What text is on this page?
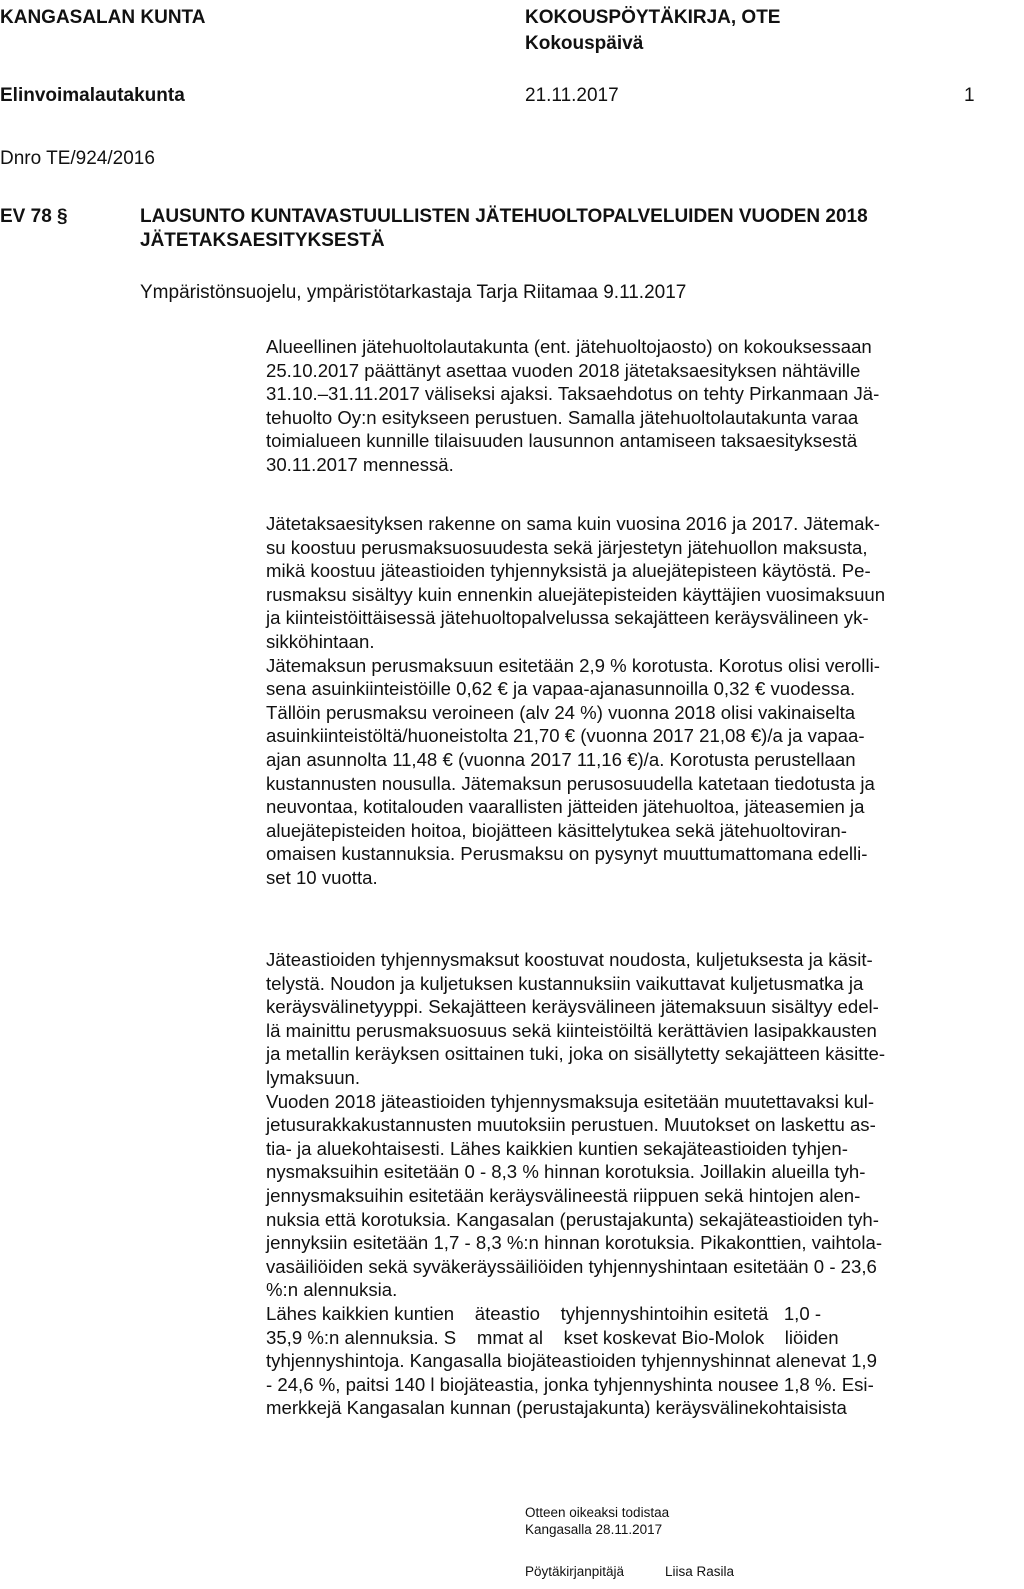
KANGASALAN KUNTA	KOKOUSPÖYTÄKIRJA, OTE
Kokouspäivä
Elinvoimalautakunta	21.11.2017	1
Dnro TE/924/2016
EV 78 §	LAUSUNTO KUNTAVASTUULLISTEN JÄTEHUOLTOPALVELUIDEN VUODEN 2018
JÄTETAKSAESITYKSESTÄ
Ympäristönsuojelu, ympäristötarkastaja Tarja Riitamaa 9.11.2017
Alueellinen jätehuoltolautakunta (ent. jätehuoltojaosto) on kokouksessaan
25.10.2017 päättänyt asettaa vuoden 2018 jätetaksaesityksen nähtäville
31.10.–31.11.2017 väliseksi ajaksi. Taksaehdotus on tehty Pirkanmaan Jä-
tehuolto Oy:n esitykseen perustuen. Samalla jätehuoltolautakunta varaa
toimialueen kunnille tilaisuuden lausunnon antamiseen taksaesityksestä
30.11.2017 mennessä.
Jätetaksaesityksen rakenne on sama kuin vuosina 2016 ja 2017. Jätemak-
su koostuu perusmaksuosuudesta sekä järjestetyn jätehuollon maksusta,
mikä koostuu jäteastioiden tyhjennyksistä ja aluejätepisteen käytöstä. Pe-
rusmaksu sisältyy kuin ennenkin aluejätepisteiden käyttäjien vuosimaksuun
ja kiinteistöittäisessä jätehuoltopalvelussa sekajätteen keräysvälineen yk-
sikköhintaan.
Jätemaksun perusmaksuun esitetään 2,9 % korotusta. Korotus olisi verolli-
sena asuinkiinteistöille 0,62 € ja vapaa-ajanasunnoilla 0,32 € vuodessa.
Tällöin perusmaksu veroineen (alv 24 %) vuonna 2018 olisi vakinaiselta
asuinkiinteistöltä/huoneistolta 21,70 € (vuonna 2017 21,08 €)/a ja vapaa-
ajan asunnolta 11,48 € (vuonna 2017 11,16 €)/a. Korotusta perustellaan
kustannusten nousulla. Jätemaksun perusosuudella katetaan tiedotusta ja
neuvontaa, kotitalouden vaarallisten jätteiden jätehuoltoa, jäteasemien ja
aluejätepisteiden hoitoa, biojätteen käsittelytukea sekä jätehuoltoviran-
omaisen kustannuksia. Perusmaksu on pysynyt muuttumattomana edelli-
set 10 vuotta.
Jäteastioiden tyhjennysmaksut koostuvat noudosta, kuljetuksesta ja käsit-
telystä. Noudon ja kuljetuksen kustannuksiin vaikuttavat kuljetusmatka ja
keräysvälinetyyppi. Sekajätteen keräysvälineen jätemaksuun sisältyy edel-
lä mainittu perusmaksuosuus sekä kiinteistöiltä kerättävien lasipakkausten
ja metallin keräyksen osittainen tuki, joka on sisällytetty sekajätteen käsitte-
lymaksuun.
Vuoden 2018 jäteastioiden tyhjennysmaksuja esitetään muutettavaksi kul-
jetusurakkakustannusten muutoksiin perustuen. Muutokset on laskettu as-
tia- ja aluekohtaisesti. Lähes kaikkien kuntien sekajäteastioiden tyhjen-
nysmaksuihin esitetään 0 - 8,3 % hinnan korotuksia. Joillakin alueilla tyh-
jennysmaksuihin esitetään keräysvälineestä riippuen sekä hintojen alen-
nuksia että korotuksia. Kangasalan (perustajakunta) sekajäteastioiden tyh-
jennyksiin esitetään 1,7 - 8,3 %:n hinnan korotuksia. Pikakonttien, vaihtola-
vasäiliöiden sekä syväkeräyssäiliöiden tyhjennyshintaan esitetään 0 - 23,6
%:n alennuksia.
Lähes kaikkien kuntien    äteastio    tyhjennyshintoihin esitetä   1,0 -
35,9 %:n alennuksia. S    mmat al    kset koskevat Bio-Molok    liöiden
tyhjennyshintoja. Kangasalla biojäteastioiden tyhjennyshinnat alenevat 1,9
- 24,6 %, paitsi 140 l biojäteastia, jonka tyhjennyshinta nousee 1,8 %. Esi-
merkkejä Kangasalan kunnan (perustajakunta) keräysvälinekohtaisista
Otteen oikeaksi todistaa
Kangasalla 28.11.2017
Pöytäkirjanpitäjä	Liisa Rasila
